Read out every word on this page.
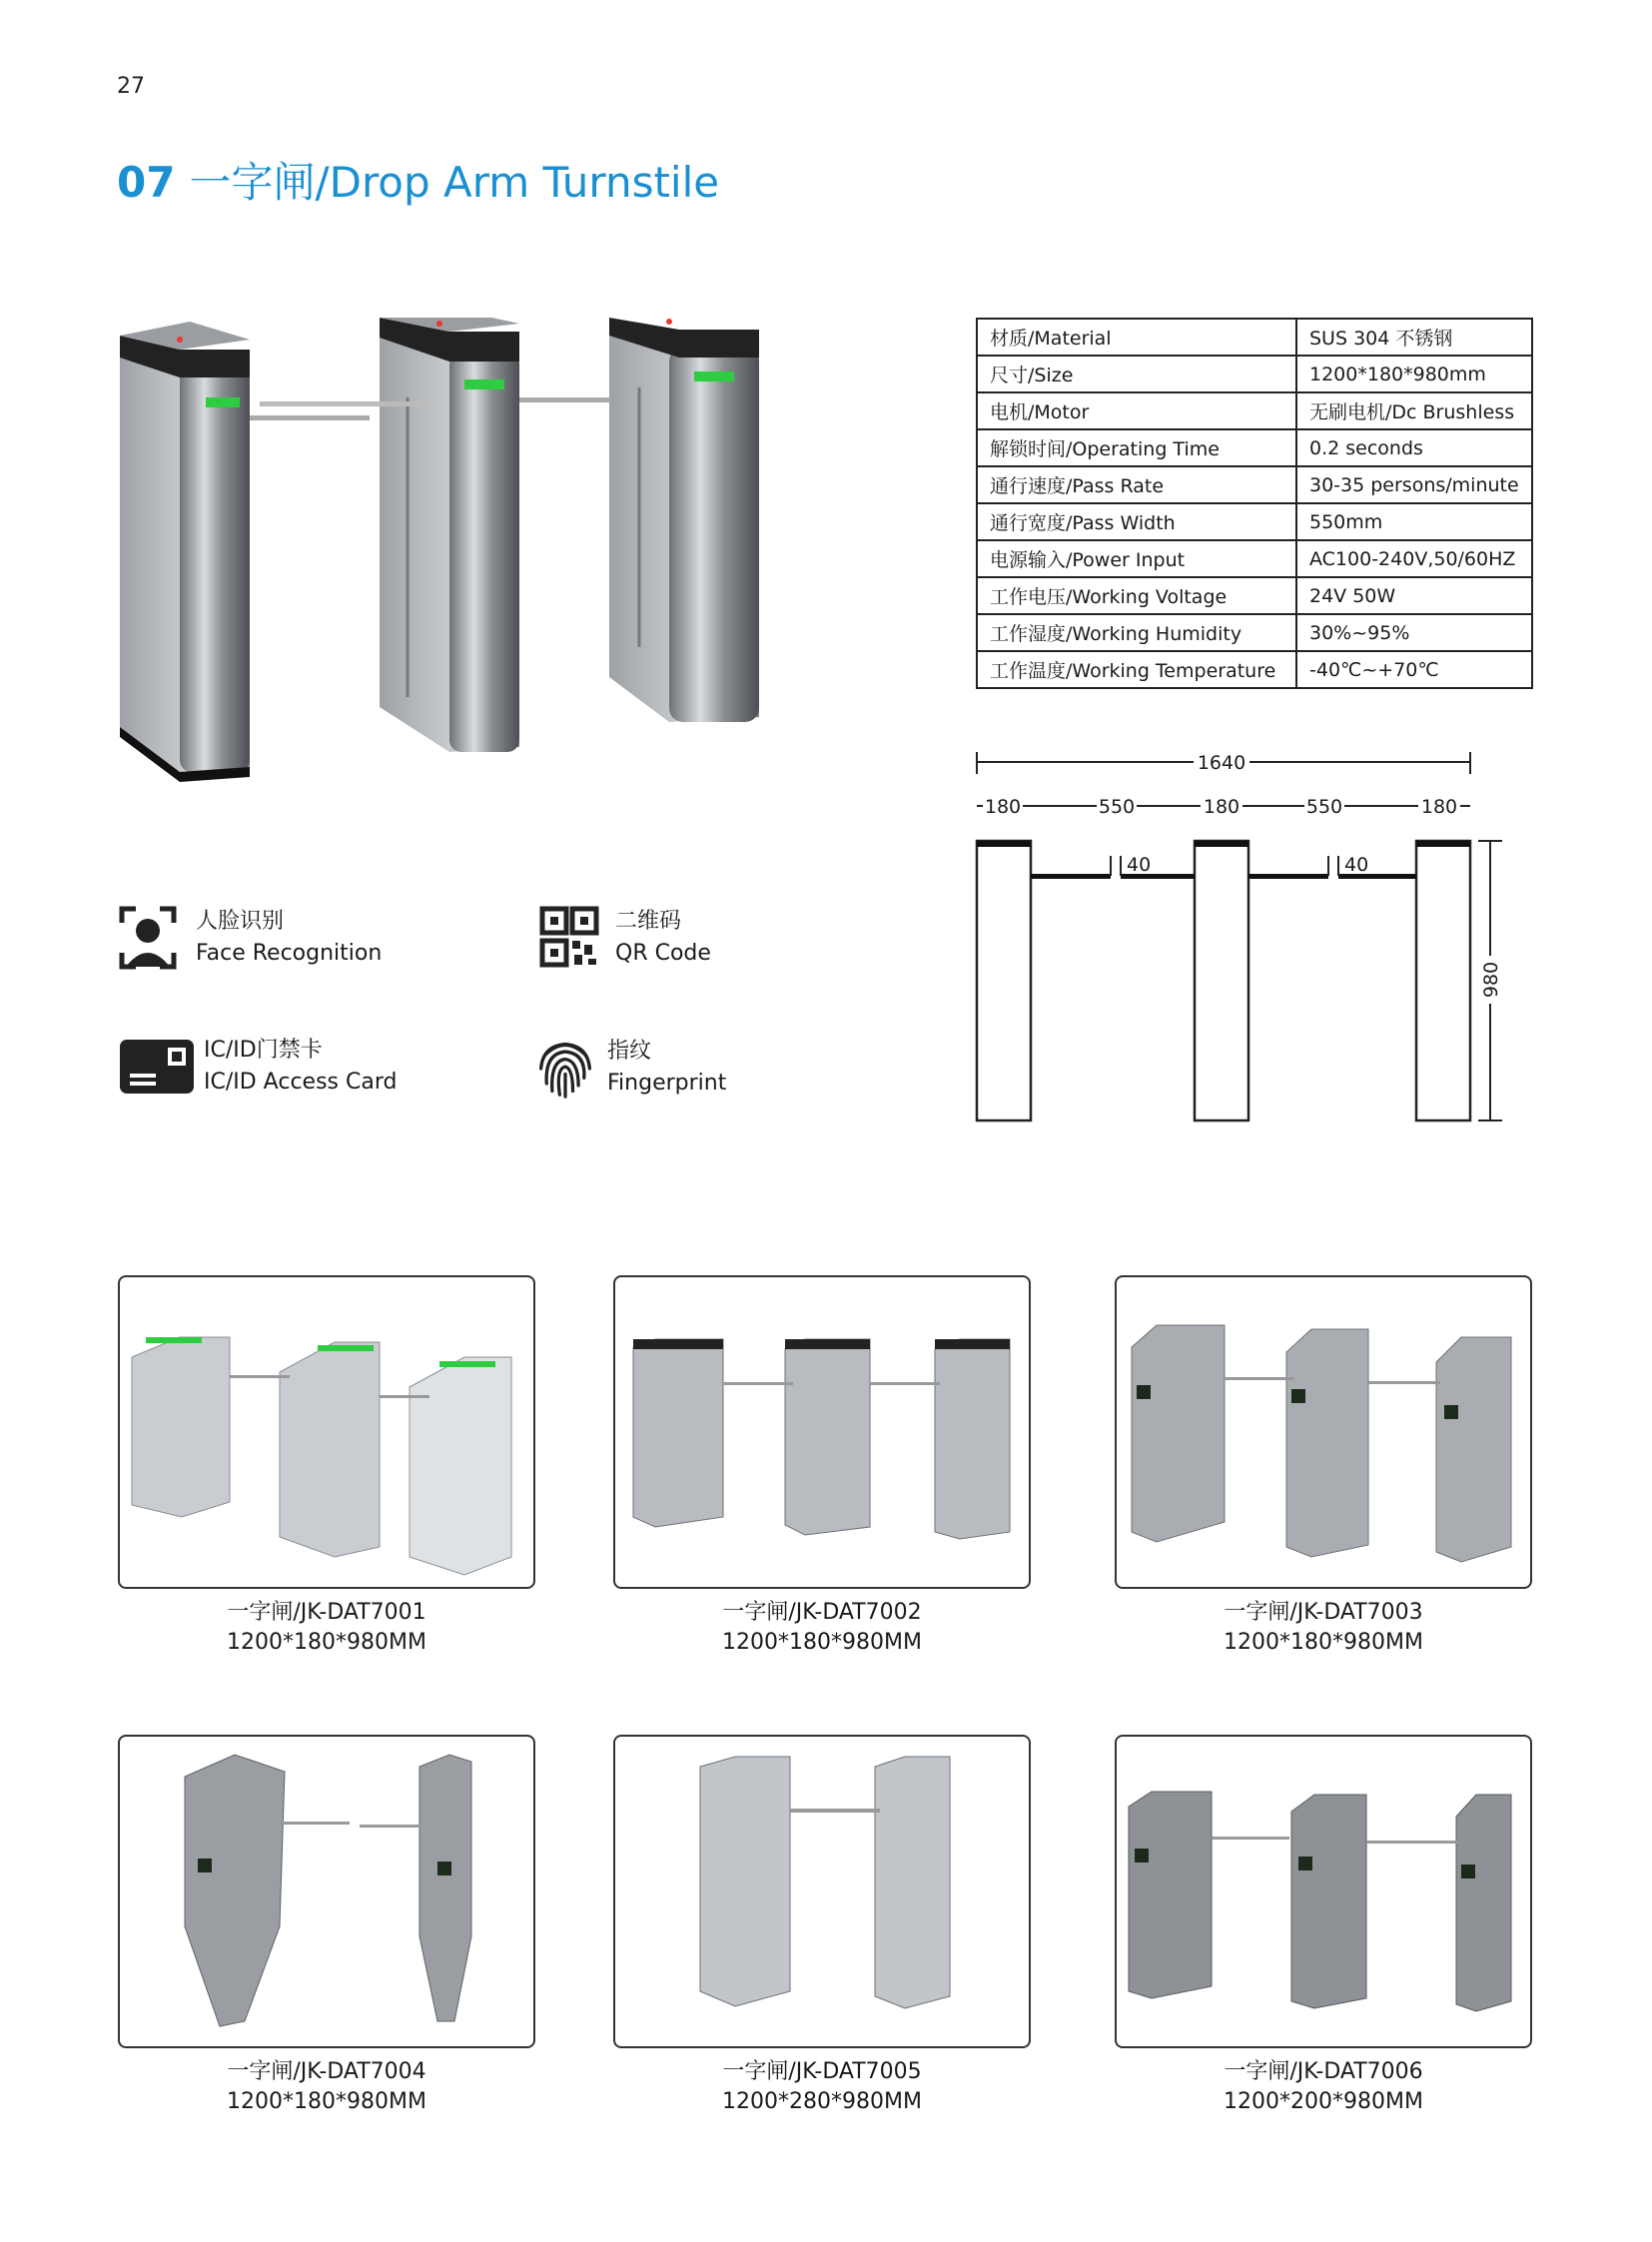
27
07 一字闸/Drop Arm Turnstile
材质/Material	SUS 304 不锈钢
尺寸/Size	1200*180*980mm
电机/Motor	无刷电机/Dc Brushless
解锁时间/Operating Time	0.2 seconds
通行速度/Pass Rate	30-35 persons/minute
通行宽度/Pass Width	550mm
电源输入/Power Input	AC100-240V,50/60HZ
工作电压/Working Voltage	24V 50W
工作湿度/Working Humidity	30%~95%
工作温度/Working Temperature	-40℃~+70℃
1640
180	550	180	550	180
40	40
980
人脸识别
Face Recognition
二维码
QR Code
IC/ID门禁卡
IC/ID Access Card
指纹
Fingerprint
一字闸/JK-DAT7001
1200*180*980MM
一字闸/JK-DAT7002
1200*180*980MM
一字闸/JK-DAT7003
1200*180*980MM
一字闸/JK-DAT7004
1200*180*980MM
一字闸/JK-DAT7005
1200*280*980MM
一字闸/JK-DAT7006
1200*200*980MM
